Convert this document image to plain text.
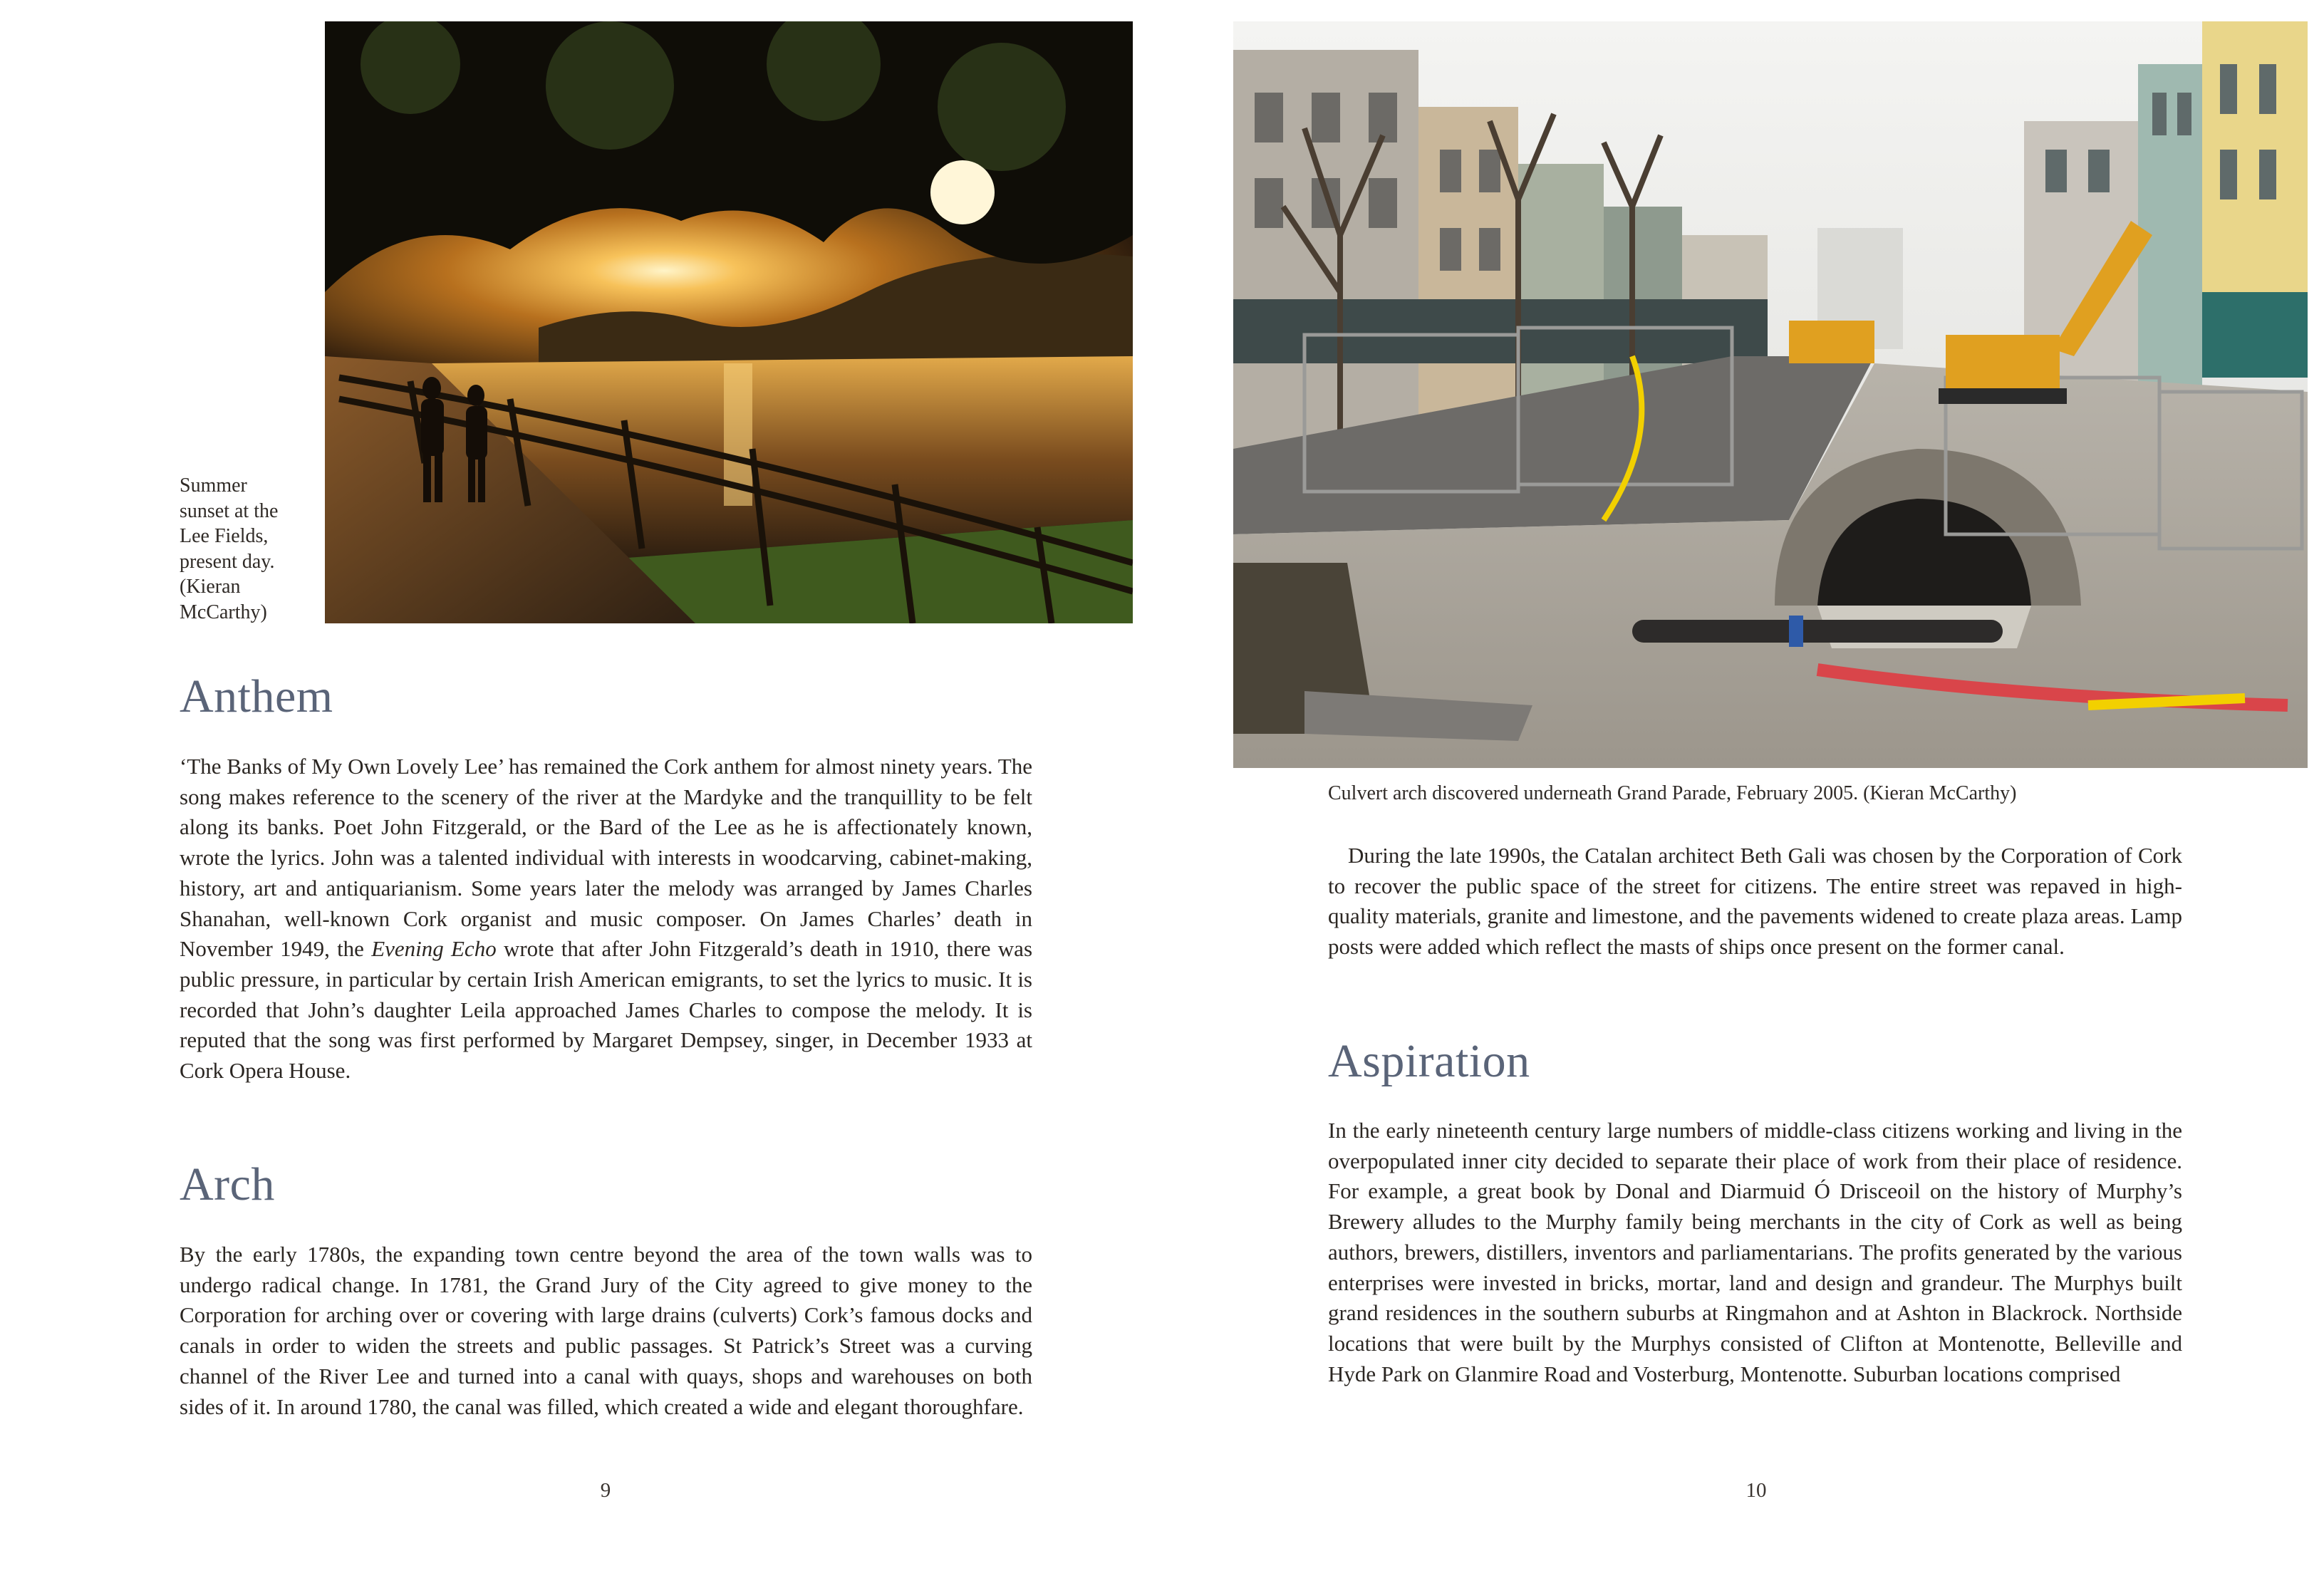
Summer sunset at the Lee Fields, present day. (Kieran McCarthy)
Anthem

‘The Banks of My Own Lovely Lee’ has remained the Cork anthem for almost ninety years. The song makes reference to the scenery of the river at the Mardyke and the tranquillity to be felt along its banks. Poet John Fitzgerald, or the Bard of the Lee as he is affectionately known, wrote the lyrics. John was a talented individual with interests in woodcarving, cabinet-making, history, art and antiquarianism. Some years later the melody was arranged by James Charles Shanahan, well-known Cork organist and music composer. On James Charles’ death in November 1949, the Evening Echo wrote that after John Fitzgerald’s death in 1910, there was public pressure, in particular by certain Irish American emigrants, to set the lyrics to music. It is recorded that John’s daughter Leila approached James Charles to compose the melody. It is reputed that the song was first performed by Margaret Dempsey, singer, in December 1933 at Cork Opera House.

Arch

By the early 1780s, the expanding town centre beyond the area of the town walls was to undergo radical change. In 1781, the Grand Jury of the City agreed to give money to the Corporation for arching over or covering with large drains (culverts) Cork’s famous docks and canals in order to widen the streets and public passages. St Patrick’s Street was a curving channel of the River Lee and turned into a canal with quays, shops and warehouses on both sides of it. In around 1780, the canal was filled, which created a wide and elegant thoroughfare.

9
Culvert arch discovered underneath Grand Parade, February 2005. (Kieran McCarthy)

During the late 1990s, the Catalan architect Beth Gali was chosen by the Corporation of Cork to recover the public space of the street for citizens. The entire street was repaved in high-quality materials, granite and limestone, and the pavements widened to create plaza areas. Lamp posts were added which reflect the masts of ships once present on the former canal.

Aspiration

In the early nineteenth century large numbers of middle-class citizens working and living in the overpopulated inner city decided to separate their place of work from their place of residence. For example, a great book by Donal and Diarmuid Ó Drisceoil on the history of Murphy’s Brewery alludes to the Murphy family being merchants in the city of Cork as well as being authors, brewers, distillers, inventors and parliamentarians. The profits generated by the various enterprises were invested in bricks, mortar, land and design and grandeur. The Murphys built grand residences in the southern suburbs at Ringmahon and at Ashton in Blackrock. Northside locations that were built by the Murphys consisted of Clifton at Montenotte, Belleville and Hyde Park on Glanmire Road and Vosterburg, Montenotte. Suburban locations comprised

10
